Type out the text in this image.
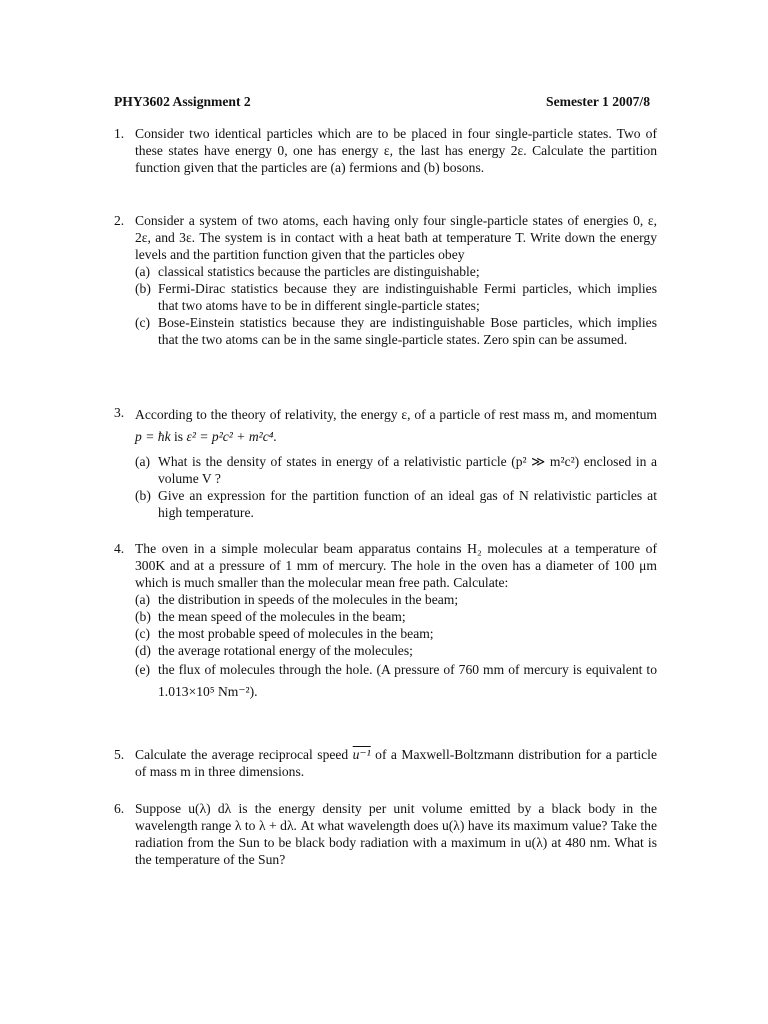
PHY3602 Assignment 2	Semester 1 2007/8
1. Consider two identical particles which are to be placed in four single-particle states. Two of these states have energy 0, one has energy ε, the last has energy 2ε. Calculate the partition function given that the particles are (a) fermions and (b) bosons.
2. Consider a system of two atoms, each having only four single-particle states of energies 0, ε, 2ε, and 3ε. The system is in contact with a heat bath at temperature T. Write down the energy levels and the partition function given that the particles obey
(a) classical statistics because the particles are distinguishable;
(b) Fermi-Dirac statistics because they are indistinguishable Fermi particles, which implies that two atoms have to be in different single-particle states;
(c) Bose-Einstein statistics because they are indistinguishable Bose particles, which implies that the two atoms can be in the same single-particle states. Zero spin can be assumed.
3. According to the theory of relativity, the energy ε, of a particle of rest mass m, and momentum p = ħk is ε² = p²c² + m²c⁴.
(a) What is the density of states in energy of a relativistic particle (p² ≫ m²c²) enclosed in a volume V ?
(b) Give an expression for the partition function of an ideal gas of N relativistic particles at high temperature.
4. The oven in a simple molecular beam apparatus contains H₂ molecules at a temperature of 300K and at a pressure of 1 mm of mercury. The hole in the oven has a diameter of 100 μm which is much smaller than the molecular mean free path. Calculate:
(a) the distribution in speeds of the molecules in the beam;
(b) the mean speed of the molecules in the beam;
(c) the most probable speed of molecules in the beam;
(d) the average rotational energy of the molecules;
(e) the flux of molecules through the hole. (A pressure of 760 mm of mercury is equivalent to 1.013×10⁵ Nm⁻²).
5. Calculate the average reciprocal speed u⁻¹ of a Maxwell-Boltzmann distribution for a particle of mass m in three dimensions.
6. Suppose u(λ) dλ is the energy density per unit volume emitted by a black body in the wavelength range λ to λ + dλ. At what wavelength does u(λ) have its maximum value? Take the radiation from the Sun to be black body radiation with a maximum in u(λ) at 480 nm. What is the temperature of the Sun?
